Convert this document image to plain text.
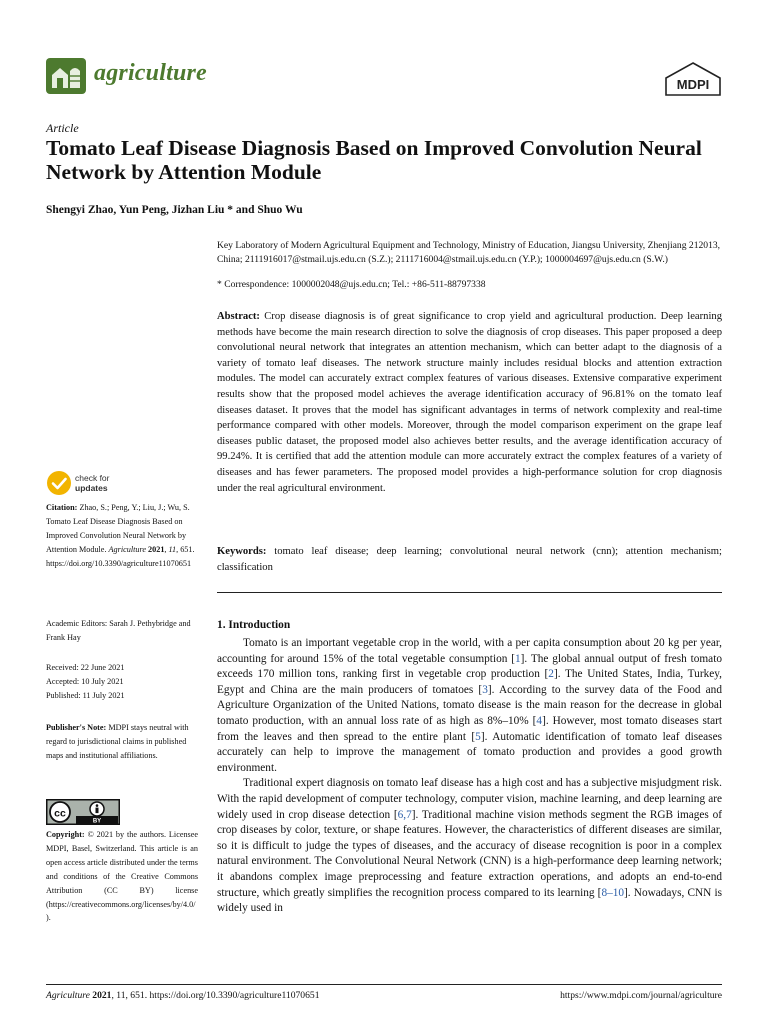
agriculture	MDPI
Article
Tomato Leaf Disease Diagnosis Based on Improved Convolution Neural Network by Attention Module
Shengyi Zhao, Yun Peng, Jizhan Liu * and Shuo Wu
Key Laboratory of Modern Agricultural Equipment and Technology, Ministry of Education, Jiangsu University, Zhenjiang 212013, China; 2111916017@stmail.ujs.edu.cn (S.Z.); 2111716004@stmail.ujs.edu.cn (Y.P.); 1000004697@ujs.edu.cn (S.W.)
* Correspondence: 1000002048@ujs.edu.cn; Tel.: +86-511-88797338
Abstract: Crop disease diagnosis is of great significance to crop yield and agricultural production. Deep learning methods have become the main research direction to solve the diagnosis of crop diseases. This paper proposed a deep convolutional neural network that integrates an attention mechanism, which can better adapt to the diagnosis of a variety of tomato leaf diseases. The network structure mainly includes residual blocks and attention extraction modules. The model can accurately extract complex features of various diseases. Extensive comparative experiment results show that the proposed model achieves the average identification accuracy of 96.81% on the tomato leaf diseases dataset. It proves that the model has significant advantages in terms of network complexity and real-time performance compared with other models. Moreover, through the model comparison experiment on the grape leaf diseases public dataset, the proposed model also achieves better results, and the average identification accuracy of 99.24%. It is certified that add the attention module can more accurately extract the complex features of a variety of diseases and has fewer parameters. The proposed model provides a high-performance solution for crop diagnosis under the real agricultural environment.
Keywords: tomato leaf disease; deep learning; convolutional neural network (cnn); attention mechanism; classification
check for
updates
Citation: Zhao, S.; Peng, Y.; Liu, J.; Wu, S. Tomato Leaf Disease Diagnosis Based on Improved Convolution Neural Network by Attention Module. Agriculture 2021, 11, 651. https://doi.org/10.3390/agriculture11070651
Academic Editors: Sarah J. Pethybridge and Frank Hay
Received: 22 June 2021
Accepted: 10 July 2021
Published: 11 July 2021
Publisher's Note: MDPI stays neutral with regard to jurisdictional claims in published maps and institutional affiliations.
cc
BY
Copyright: © 2021 by the authors. Licensee MDPI, Basel, Switzerland. This article is an open access article distributed under the terms and conditions of the Creative Commons Attribution (CC BY) license (https://creativecommons.org/licenses/by/4.0/).
1. Introduction

Tomato is an important vegetable crop in the world, with a per capita consumption about 20 kg per year, accounting for around 15% of the total vegetable consumption [1]. The global annual output of fresh tomato exceeds 170 million tons, ranking first in vegetable crop production [2]. The United States, India, Turkey, Egypt and China are the main producers of tomatoes [3]. According to the survey data of the Food and Agriculture Organization of the United Nations, tomato disease is the main reason for the decrease in global tomato production, with an annual loss rate of as high as 8%–10% [4]. However, most tomato diseases start from the leaves and then spread to the entire plant [5]. Automatic identification of tomato leaf diseases accurately can help to improve the management of tomato production and provides a good growth environment.

Traditional expert diagnosis on tomato leaf disease has a high cost and has a subjective misjudgment risk. With the rapid development of computer technology, computer vision, machine learning, and deep learning are widely used in crop disease detection [6,7]. Traditional machine vision methods segment the RGB images of crop diseases by color, texture, or shape features. However, the characteristics of different diseases are similar, so it is difficult to judge the types of diseases, and the accuracy of disease recognition is poor in a complex natural environment. The Convolutional Neural Network (CNN) is a high-performance deep learning network; it abandons complex image preprocessing and feature extraction operations, and adopts an end-to-end structure, which greatly simplifies the recognition process compared to its learning [8–10]. Nowadays, CNN is widely used in

Agriculture 2021, 11, 651. https://doi.org/10.3390/agriculture11070651	https://www.mdpi.com/journal/agriculture
